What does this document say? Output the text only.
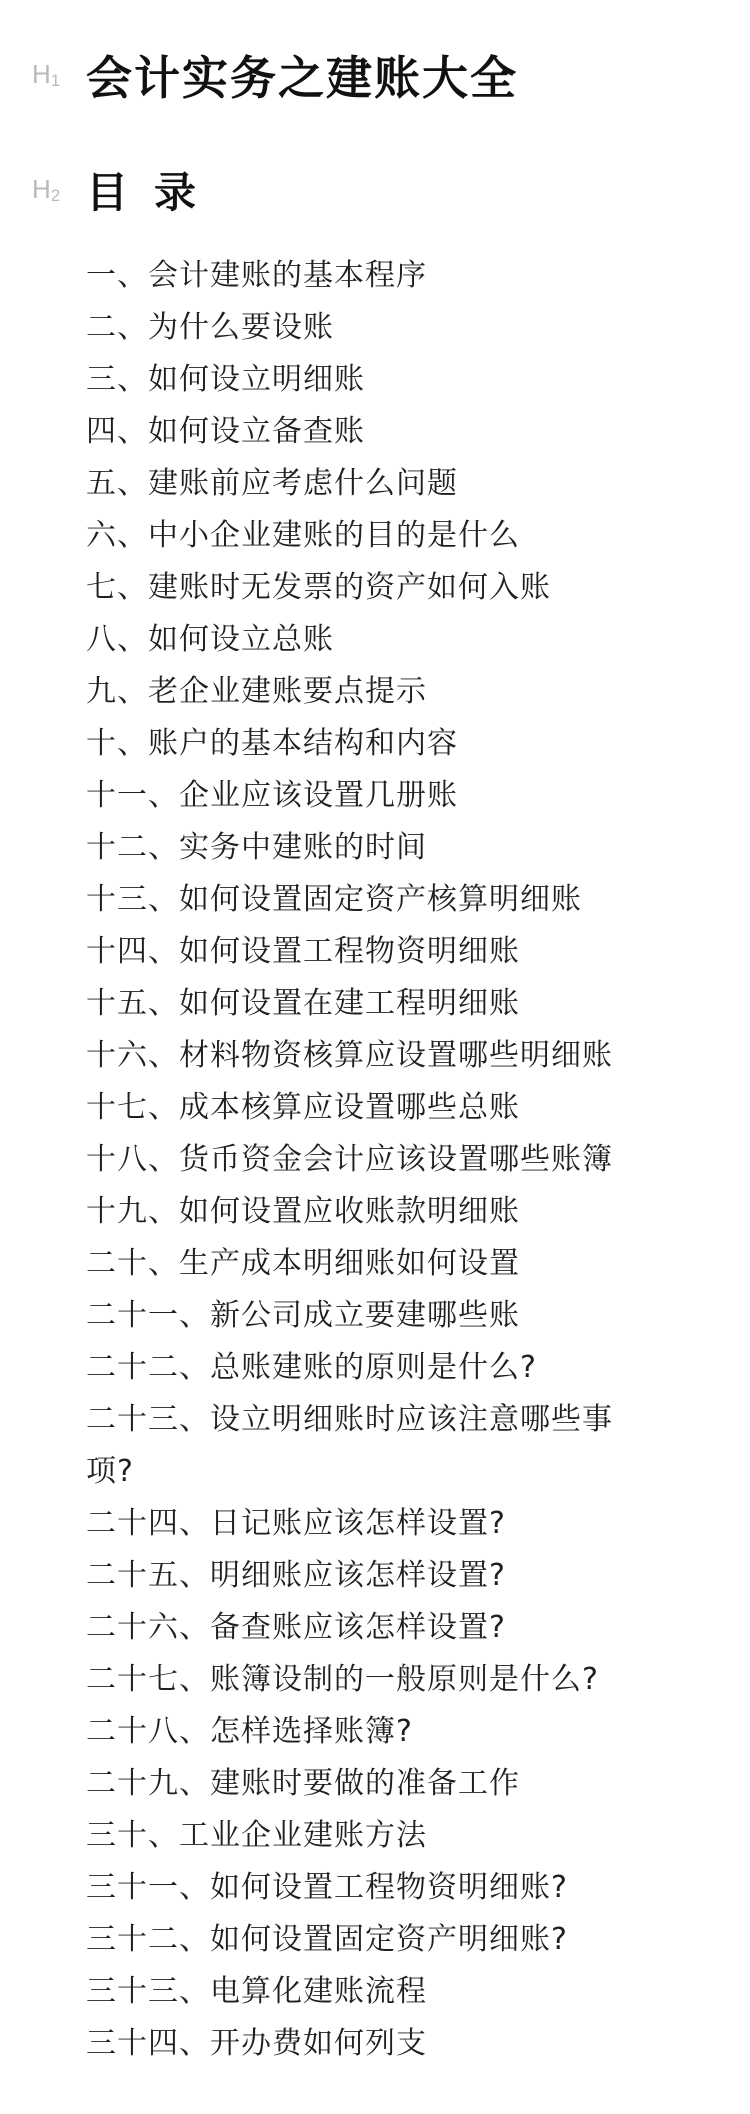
$H_1$ 会计实务之建账大全
$H_2$ 目录
一、会计建账的基本程序
二、为什么要设账
三、如何设立明细账
四、如何设立备查账
五、建账前应考虑什么问题
六、中小企业建账的目的是什么
七、建账时无发票的资产如何入账
八、如何设立总账
九、老企业建账要点提示
十、账户的基本结构和内容
十一、企业应该设置几册账
十二、实务中建账的时间
十三、如何设置固定资产核算明细账
十四、如何设置工程物资明细账
十五、如何设置在建工程明细账
十六、材料物资核算应设置哪些明细账
十七、成本核算应设置哪些总账
十八、货币资金会计应该设置哪些账簿
十九、如何设置应收账款明细账
二十、生产成本明细账如何设置
二十一、新公司成立要建哪些账
二十二、总账建账的原则是什么?
二十三、设立明细账时应该注意哪些事项?
二十四、日记账应该怎样设置?
二十五、明细账应该怎样设置?
二十六、备查账应该怎样设置?
二十七、账簿设制的一般原则是什么?
二十八、怎样选择账簿?
二十九、建账时要做的准备工作
三十、工业企业建账方法
三十一、如何设置工程物资明细账?
三十二、如何设置固定资产明细账?
三十三、电算化建账流程
三十四、开办费如何列支
